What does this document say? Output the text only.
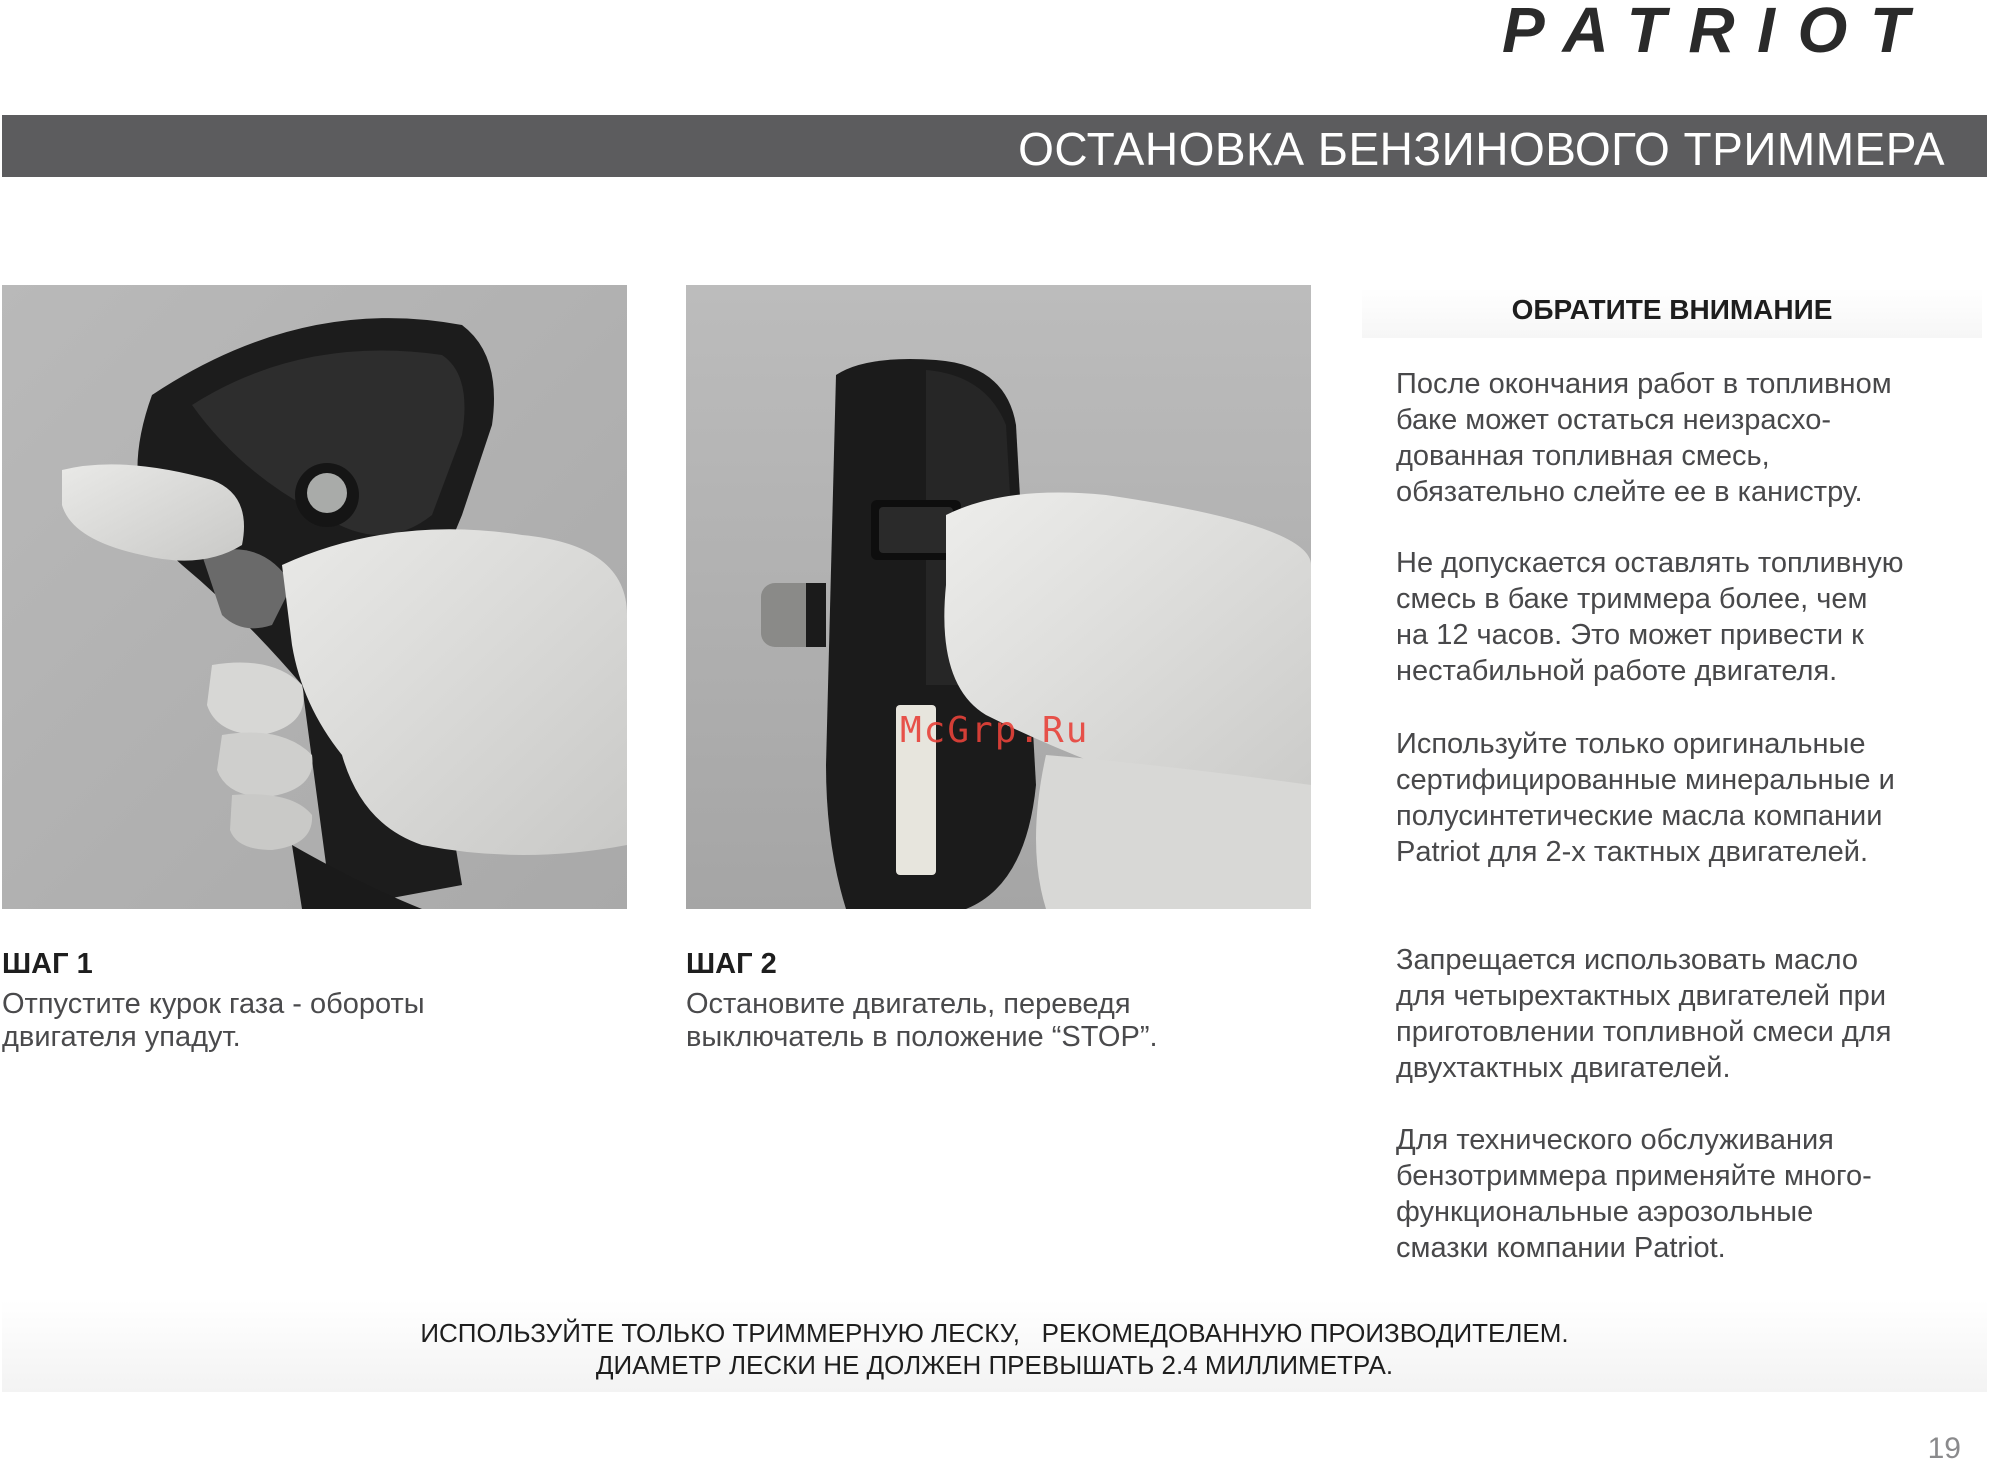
PATRIOT
ОСТАНОВКА БЕНЗИНОВОГО ТРИММЕРА
McGrp.Ru
ШАГ 1
Отпустите курок газа - обороты
двигателя упадут.
ШАГ 2
Остановите двигатель, переведя
выключатель в положение “STOP”.
ОБРАТИТЕ ВНИМАНИЕ
После окончания работ в топливном
баке может остаться неизрасхо-
дованная топливная смесь,
обязательно слейте ее в канистру.
Не допускается оставлять топливную
смесь в баке триммера более, чем
на 12 часов. Это может привести к
нестабильной работе двигателя.
Используйте только оригинальные
сертифицированные минеральные и
полусинтетические масла компании
Patriot для 2-х тактных двигателей.
Запрещается использовать масло
для четырехтактных двигателей при
приготовлении топливной смеси для
двухтактных двигателей.
Для технического обслуживания
бензотриммера применяйте много-
функциональные аэрозольные
смазки компании Patriot.
ИСПОЛЬЗУЙТЕ ТОЛЬКО ТРИММЕРНУЮ ЛЕСКУ,   РЕКОМЕДОВАННУЮ ПРОИЗВОДИТЕЛЕМ.
ДИАМЕТР ЛЕСКИ НЕ ДОЛЖЕН ПРЕВЫШАТЬ 2.4 МИЛЛИМЕТРА.
19
